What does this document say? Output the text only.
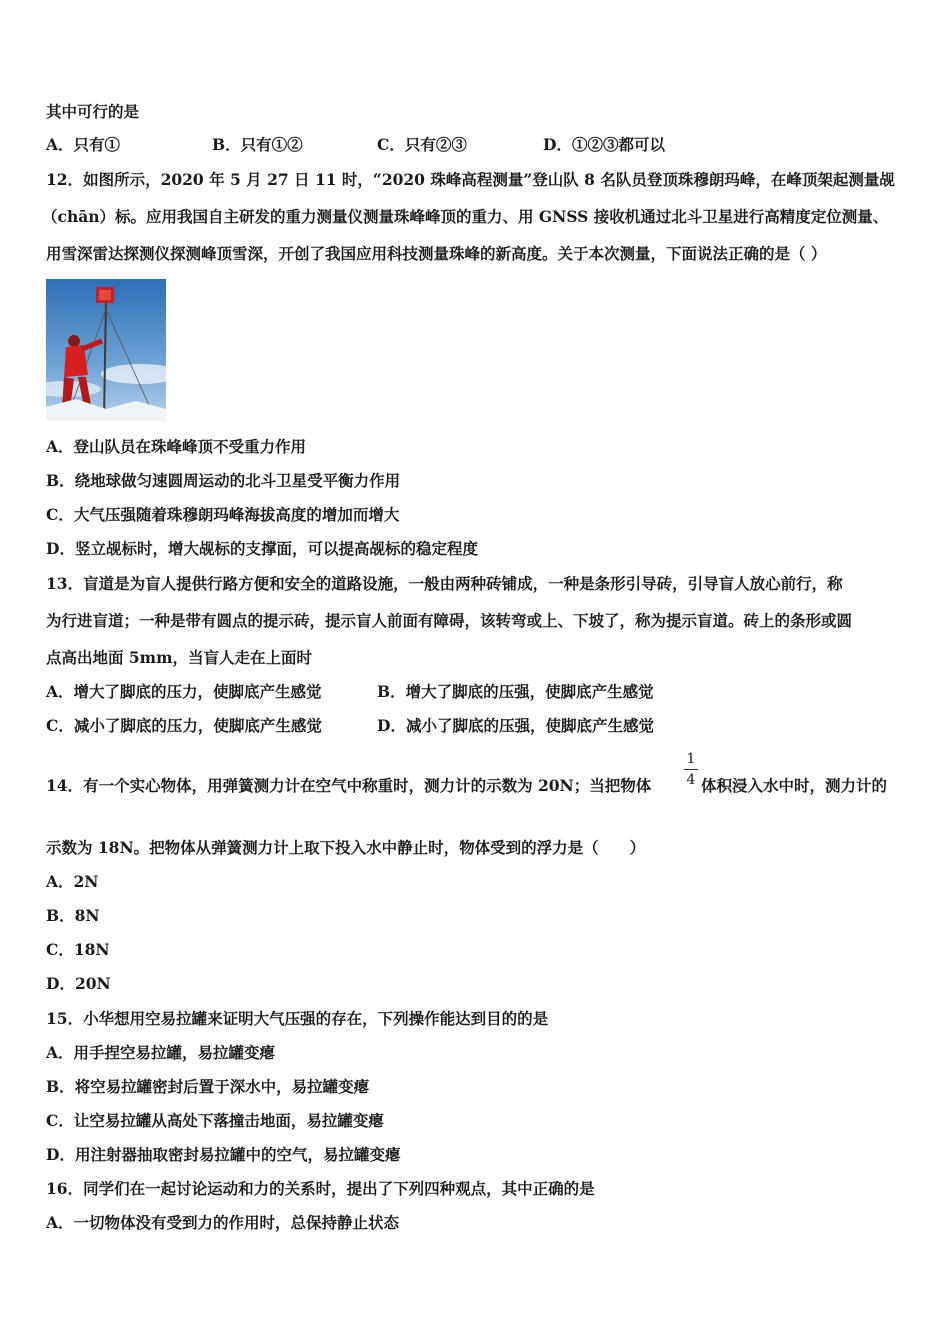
其中可行的是
A．只有①	B．只有①②	C．只有②③	D．①②③都可以
12．如图所示，2020 年 5 月 27 日 11 时，“2020 珠峰高程测量”登山队 8 名队员登顶珠穆朗玛峰，在峰顶架起测量觇
（chān）标。应用我国自主研发的重力测量仪测量珠峰峰顶的重力、用 GNSS 接收机通过北斗卫星进行高精度定位测量、
用雪深雷达探测仪探测峰顶雪深，开创了我国应用科技测量珠峰的新高度。关于本次测量，下面说法正确的是（ ）
A．登山队员在珠峰峰顶不受重力作用
B．绕地球做匀速圆周运动的北斗卫星受平衡力作用
C．大气压强随着珠穆朗玛峰海拔高度的增加而增大
D．竖立觇标时，增大觇标的支撑面，可以提高觇标的稳定程度
13．盲道是为盲人提供行路方便和安全的道路设施，一般由两种砖铺成，一种是条形引导砖，引导盲人放心前行，称
为行进盲道；一种是带有圆点的提示砖，提示盲人前面有障碍，该转弯或上、下坡了，称为提示盲道。砖上的条形或圆
点高出地面 5mm，当盲人走在上面时
A．增大了脚底的压力，使脚底产生感觉	B．增大了脚底的压强，使脚底产生感觉
C．减小了脚底的压力，使脚底产生感觉	D．减小了脚底的压强，使脚底产生感觉
14．有一个实心物体，用弹簧测力计在空气中称重时，测力计的示数为 20N；当把物体
1
4 体积浸入水中时，测力计的
示数为 18N。把物体从弹簧测力计上取下投入水中静止时，物体受到的浮力是（　　）
A．2N
B．8N
C．18N
D．20N
15．小华想用空易拉罐来证明大气压强的存在，下列操作能达到目的的是
A．用手捏空易拉罐，易拉罐变瘪
B．将空易拉罐密封后置于深水中，易拉罐变瘪
C．让空易拉罐从高处下落撞击地面，易拉罐变瘪
D．用注射器抽取密封易拉罐中的空气，易拉罐变瘪
16．同学们在一起讨论运动和力的关系时，提出了下列四种观点，其中正确的是
A．一切物体没有受到力的作用时，总保持静止状态
